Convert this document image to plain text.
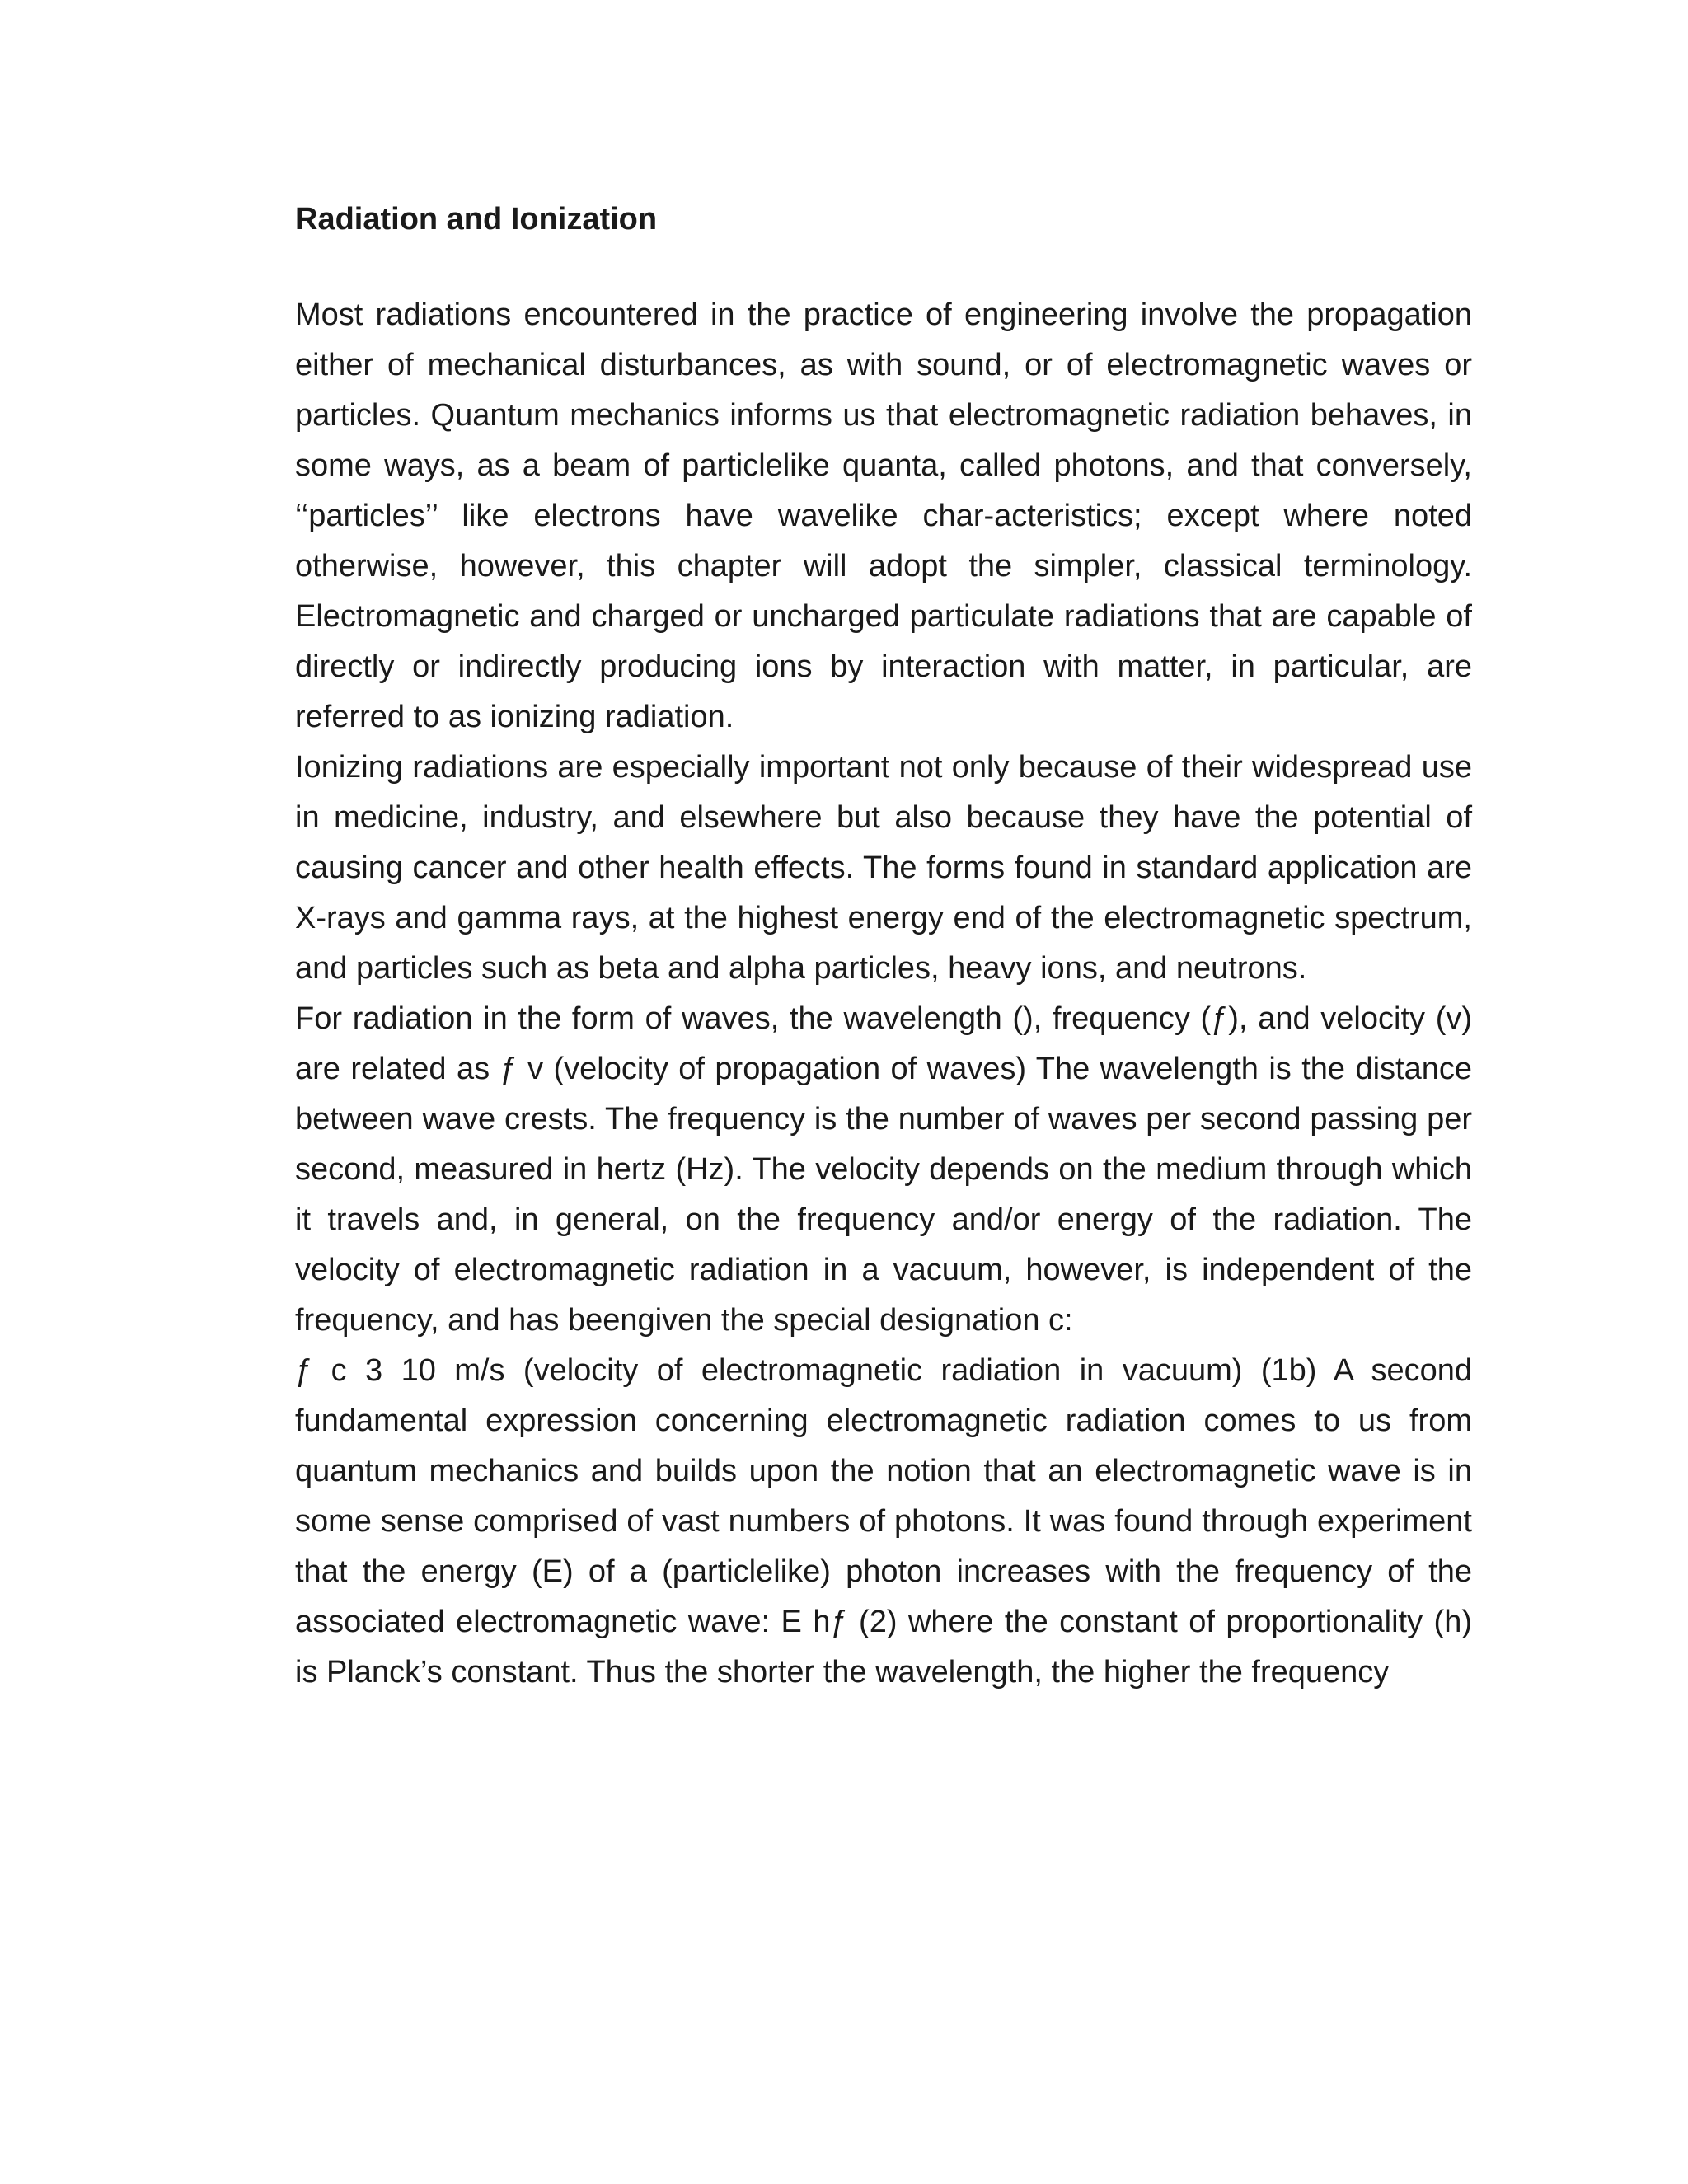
Radiation and Ionization

Most radiations encountered in the practice of engineering involve the propagation either of mechanical disturbances, as with sound, or of electromagnetic waves or particles. Quantum mechanics informs us that electromagnetic radiation behaves, in some ways, as a beam of particlelike quanta, called photons, and that conversely, ‘‘particles’’ like electrons have wavelike char-acteristics; except where noted otherwise, however, this chapter will adopt the simpler, classical terminology. Electromagnetic and charged or uncharged particulate radiations that are capable of directly or indirectly producing ions by interaction with matter, in particular, are referred to as ionizing radiation.

Ionizing radiations are especially important not only because of their widespread use in medicine, industry, and elsewhere but also because they have the potential of causing cancer and other health effects. The forms found in standard application are X-rays and gamma rays, at the highest energy end of the electromagnetic spectrum, and particles such as beta and alpha particles, heavy ions, and neutrons.

For radiation in the form of waves, the wavelength (), frequency (ƒ), and velocity (v) are related as ƒ v (velocity of propagation of waves) The wavelength is the distance between wave crests. The frequency is the number of waves per second passing per second, measured in hertz (Hz). The velocity depends on the medium through which it travels and, in general, on the frequency and/or energy of the radiation. The velocity of electromagnetic radiation in a vacuum, however, is independent of the frequency, and has beengiven the special designation c:

ƒ c 3 10 m/s (velocity of electromagnetic radiation in vacuum) (1b) A second fundamental expression concerning electromagnetic radiation comes to us from quantum mechanics and builds upon the notion that an electromagnetic wave is in some sense comprised of vast numbers of photons. It was found through experiment that the energy (E) of a (particlelike) photon increases with the frequency of the associated electromagnetic wave: E hƒ (2) where the constant of proportionality (h) is Planck’s constant. Thus the shorter the wavelength, the higher the frequency
